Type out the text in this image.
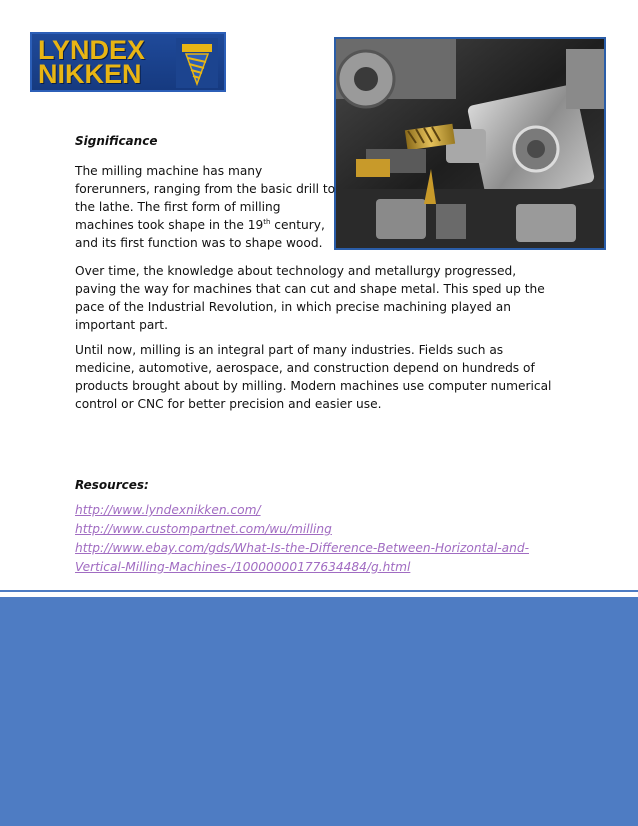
LYNDEX
NIKKEN

Significance

The milling machine has many forerunners, ranging from the basic drill to the lathe. The first form of milling machines took shape in the 19th century, and its first function was to shape wood.

Over time, the knowledge about technology and metallurgy progressed, paving the way for machines that can cut and shape metal. This sped up the pace of the Industrial Revolution, in which precise machining played an important part.

Until now, milling is an integral part of many industries. Fields such as medicine, automotive, aerospace, and construction depend on hundreds of products brought about by milling. Modern machines use computer numerical control or CNC for better precision and easier use.

Resources:

http://www.lyndexnikken.com/
http://www.custompartnet.com/wu/milling
http://www.ebay.com/gds/What-Is-the-Difference-Between-Horizontal-and-Vertical-Milling-Machines-/10000000177634484/g.html
